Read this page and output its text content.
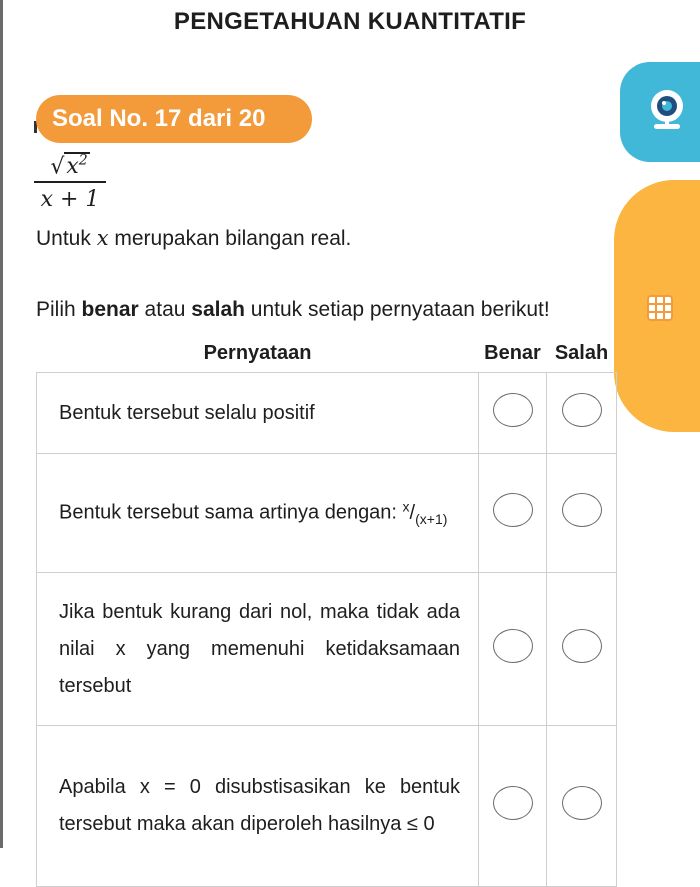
PENGETAHUAN KUANTITATIF
Soal No. 17 dari 20
$√x^2$
x + 1
Untuk x merupakan bilangan real.
Pilih benar atau salah untuk setiap pernyataan berikut!
Pernyataan	Benar	Salah
Bentuk tersebut selalu positif		
Bentuk tersebut sama artinya dengan: $^x/_{(x+1)}$		
Jika bentuk kurang dari nol, maka tidak ada nilai x yang memenuhi ketidaksamaan tersebut		
Apabila x = 0 disubstisasikan ke bentuk tersebut maka akan diperoleh hasilnya ≤ 0		
